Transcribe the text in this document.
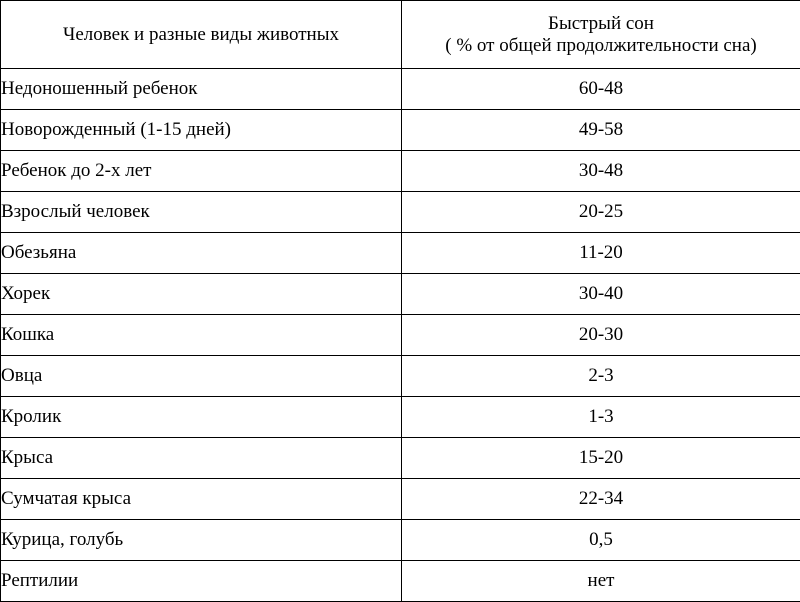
Человек и разные виды животных	Быстрый сон
( % от общей продолжительности сна)

Недоношенный ребенок	60-48
Новорожденный (1-15 дней)	49-58
Ребенок до 2-х лет	30-48
Взрослый человек	20-25
Обезьяна	11-20
Хорек	30-40
Кошка	20-30
Овца	2-3
Кролик	1-3
Крыса	15-20
Сумчатая крыса	22-34
Курица, голубь	0,5
Рептилии	нет
